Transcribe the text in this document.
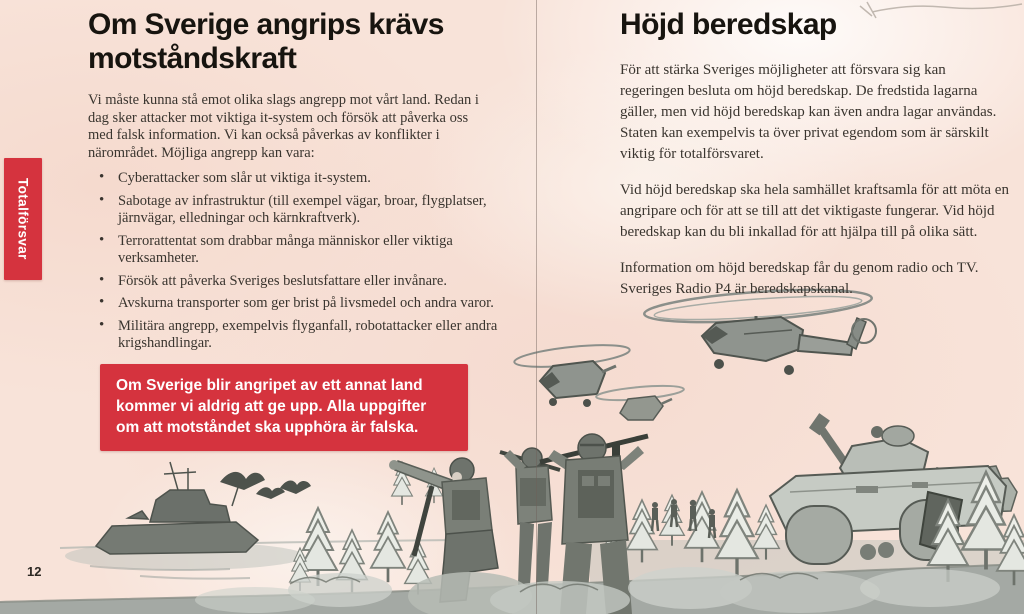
Totalförsvar
Om Sverige angrips krävs motståndskraft

Vi måste kunna stå emot olika slags angrepp mot vårt land. Redan i dag sker attacker mot viktiga it-system och försök att påverka oss med falsk information. Vi kan också påverkas av konflikter i närområdet. Möjliga angrepp kan vara:

• Cyberattacker som slår ut viktiga it-system.
• Sabotage av infrastruktur (till exempel vägar, broar, flygplatser, järnvägar, elledningar och kärnkraftverk).
• Terrorattentat som drabbar många människor eller viktiga verksamheter.
• Försök att påverka Sveriges beslutsfattare eller invånare.
• Avskurna transporter som ger brist på livsmedel och andra varor.
• Militära angrepp, exempelvis flyganfall, robotattacker eller andra krigshandlingar.

Om Sverige blir angripet av ett annat land kommer vi aldrig att ge upp. Alla uppgifter om att motståndet ska upphöra är falska.

12
Höjd beredskap

För att stärka Sveriges möjligheter att försvara sig kan regeringen besluta om höjd beredskap. De fredstida lagarna gäller, men vid höjd beredskap kan även andra lagar användas. Staten kan exempelvis ta över privat egendom som är särskilt viktig för totalförsvaret.

Vid höjd beredskap ska hela samhället kraftsamla för att möta en angripare och för att se till att det viktigaste fungerar. Vid höjd beredskap kan du bli inkallad för att hjälpa till på olika sätt.

Information om höjd beredskap får du genom radio och TV. Sveriges Radio P4 är beredskapskanal.
